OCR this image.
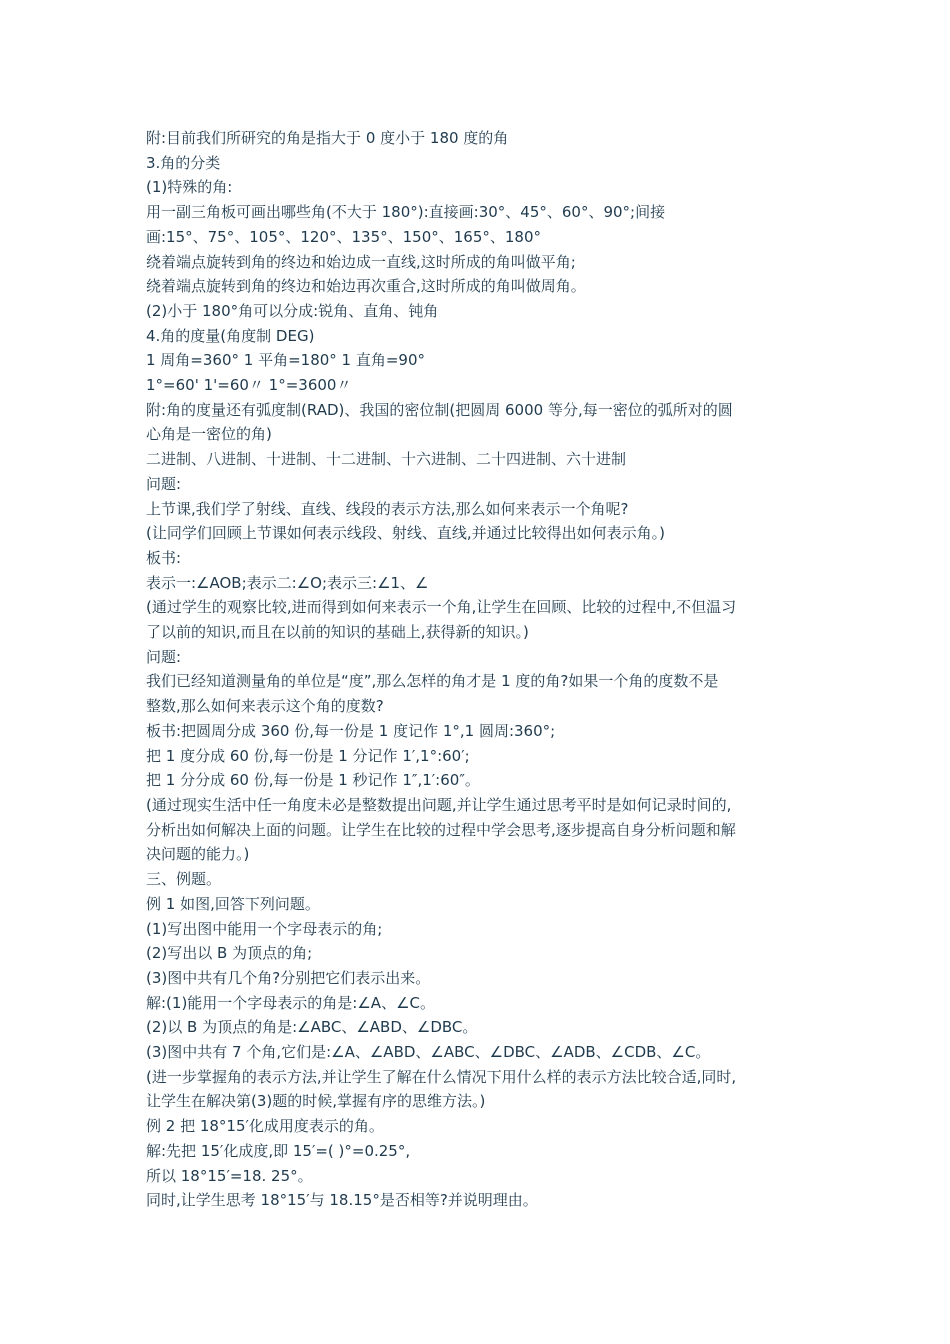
附:目前我们所研究的角是指大于 0 度小于 180 度的角

3.角的分类

(1)特殊的角:

用一副三角板可画出哪些角(不大于 180°):直接画:30°、45°、60°、90°;间接

画:15°、75°、105°、120°、135°、150°、165°、180°

绕着端点旋转到角的终边和始边成一直线,这时所成的角叫做平角;

绕着端点旋转到角的终边和始边再次重合,这时所成的角叫做周角。

(2)小于 180°角可以分成:锐角、直角、钝角

4.角的度量(角度制 DEG)

1 周角=360° 1 平角=180° 1 直角=90°

1°=60' 1'=60〃 1°=3600〃

附:角的度量还有弧度制(RAD)、我国的密位制(把圆周 6000 等分,每一密位的弧所对的圆

心角是一密位的角)

二进制、八进制、十进制、十二进制、十六进制、二十四进制、六十进制

问题:

上节课,我们学了射线、直线、线段的表示方法,那么如何来表示一个角呢?

(让同学们回顾上节课如何表示线段、射线、直线,并通过比较得出如何表示角。)

板书:

表示一:∠AOB;表示二:∠O;表示三:∠1、∠

(通过学生的观察比较,进而得到如何来表示一个角,让学生在回顾、比较的过程中,不但温习

了以前的知识,而且在以前的知识的基础上,获得新的知识。)

问题:

我们已经知道测量角的单位是“度”,那么怎样的角才是 1 度的角?如果一个角的度数不是

整数,那么如何来表示这个角的度数?

板书:把圆周分成 360 份,每一份是 1 度记作 1°,1 圆周:360°;

把 1 度分成 60 份,每一份是 1 分记作 1′,1°:60′;

把 1 分分成 60 份,每一份是 1 秒记作 1″,1′:60″。

(通过现实生活中任一角度未必是整数提出问题,并让学生通过思考平时是如何记录时间的,

分析出如何解决上面的问题。让学生在比较的过程中学会思考,逐步提高自身分析问题和解

决问题的能力。)

三、例题。

例 1 如图,回答下列问题。

(1)写出图中能用一个字母表示的角;

(2)写出以 B 为顶点的角;

(3)图中共有几个角?分别把它们表示出来。

解:(1)能用一个字母表示的角是:∠A、∠C。

(2)以 B 为顶点的角是:∠ABC、∠ABD、∠DBC。

(3)图中共有 7 个角,它们是:∠A、∠ABD、∠ABC、∠DBC、∠ADB、∠CDB、∠C。

(进一步掌握角的表示方法,并让学生了解在什么情况下用什么样的表示方法比较合适,同时,

让学生在解决第(3)题的时候,掌握有序的思维方法。)

例 2 把 18°15′化成用度表示的角。

解:先把 15′化成度,即 15′=( )°=0.25°,

所以 18°15′=18. 25°。

同时,让学生思考 18°15′与 18.15°是否相等?并说明理由。
